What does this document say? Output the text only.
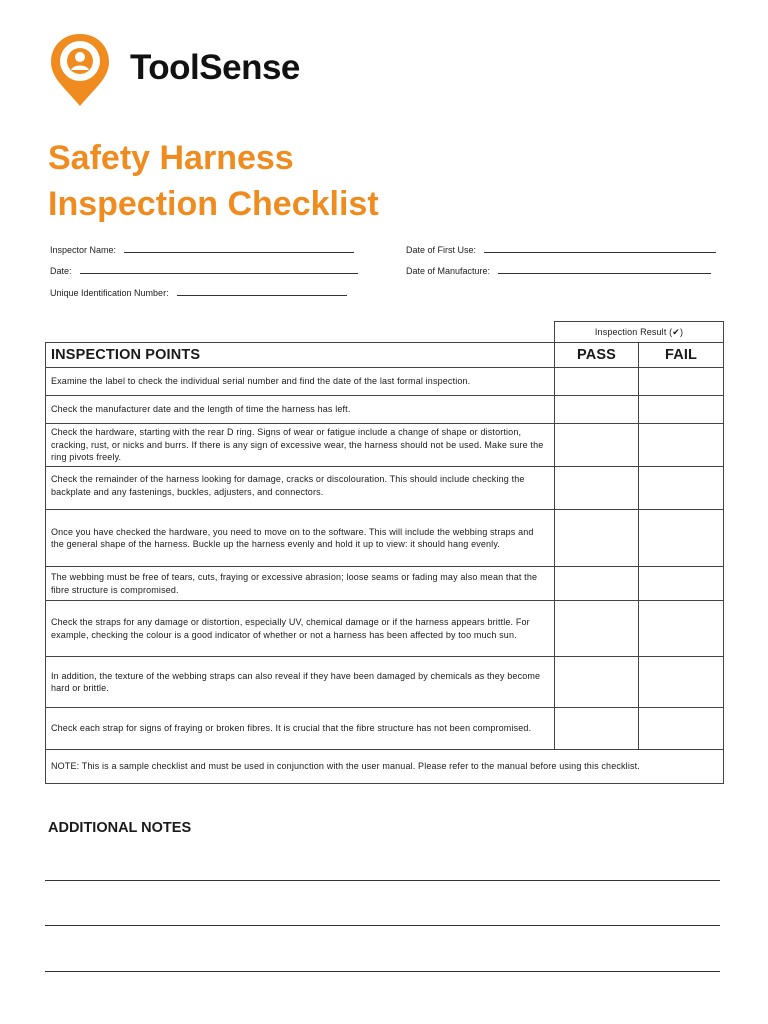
ToolSense
Safety Harness
Inspection Checklist
Inspector Name:	Date of First Use:
Date:	Date of Manufacture:
Unique Identification Number:
	Inspection Result (✔)	
INSPECTION POINTS	PASS	FAIL
Examine the label to check the individual serial number and find the date of the last formal inspection.		
Check the manufacturer date and the length of time the harness has left.		
Check the hardware, starting with the rear D ring. Signs of wear or fatigue include a change of shape or distortion, cracking, rust, or nicks and burrs. If there is any sign of excessive wear, the harness should not be used. Make sure the ring pivots freely.		
Check the remainder of the harness looking for damage, cracks or discolouration. This should include checking the backplate and any fastenings, buckles, adjusters, and connectors.		
Once you have checked the hardware, you need to move on to the software. This will include the webbing straps and the general shape of the harness. Buckle up the harness evenly and hold it up to view: it should hang evenly.		
The webbing must be free of tears, cuts, fraying or excessive abrasion; loose seams or fading may also mean that the fibre structure is compromised.		
Check the straps for any damage or distortion, especially UV, chemical damage or if the harness appears brittle. For example, checking the colour is a good indicator of whether or not a harness has been affected by too much sun.		
In addition, the texture of the webbing straps can also reveal if they have been damaged by chemicals as they become hard or brittle.		
Check each strap for signs of fraying or broken fibres. It is crucial that the fibre structure has not been compromised.		
NOTE: This is a sample checklist and must be used in conjunction with the user manual. Please refer to the manual before using this checklist.		
ADDITIONAL NOTES
